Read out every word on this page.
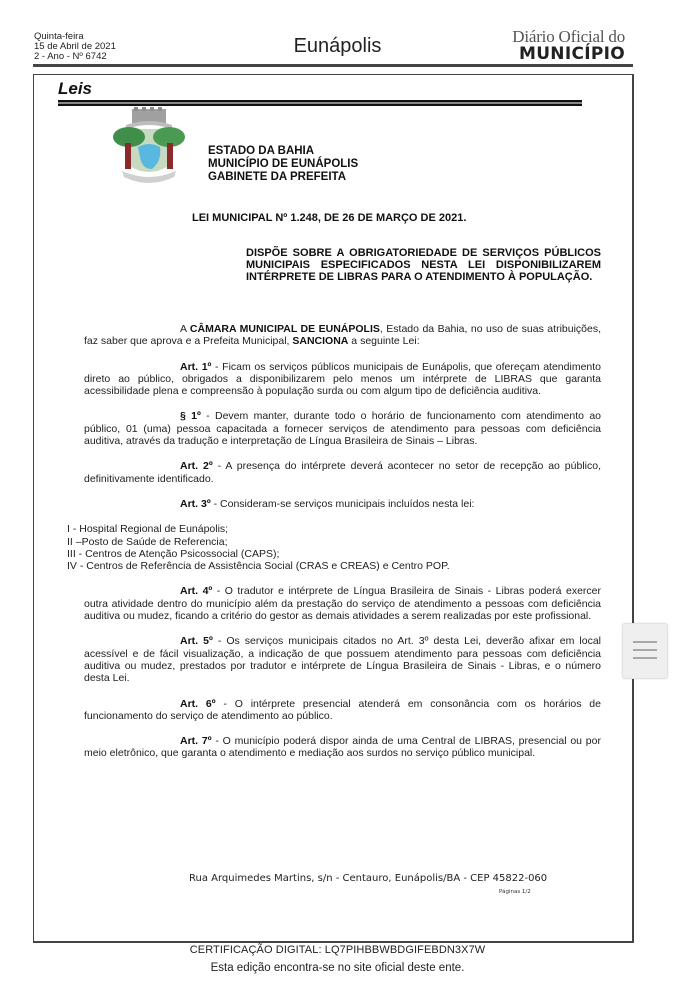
Quinta-feira
15 de Abril de 2021
2 - Ano - Nº 6742	Eunápolis	Diário Oficial do
MUNICÍPIO
Leis
ESTADO DA BAHIA
MUNICÍPIO DE EUNÁPOLIS
GABINETE DA PREFEITA
LEI MUNICIPAL Nº 1.248, DE 26 DE MARÇO DE 2021.
DISPÕE SOBRE A OBRIGATORIEDADE DE SERVIÇOS PÚBLICOS MUNICIPAIS ESPECIFICADOS NESTA LEI DISPONIBILIZAREM INTÉRPRETE DE LIBRAS PARA O ATENDIMENTO À POPULAÇÃO.

A CÂMARA MUNICIPAL DE EUNÁPOLIS, Estado da Bahia, no uso de suas atribuições, faz saber que aprova e a Prefeita Municipal, SANCIONA a seguinte Lei:

Art. 1º - Ficam os serviços públicos municipais de Eunápolis, que ofereçam atendimento direto ao público, obrigados a disponibilizarem pelo menos um intérprete de LIBRAS que garanta acessibilidade plena e compreensão à população surda ou com algum tipo de deficiência auditiva.

§ 1º - Devem manter, durante todo o horário de funcionamento com atendimento ao público, 01 (uma) pessoa capacitada a fornecer serviços de atendimento para pessoas com deficiência auditiva, através da tradução e interpretação de Língua Brasileira de Sinais – Libras.

Art. 2º - A presença do intérprete deverá acontecer no setor de recepção ao público, definitivamente identificado.

Art. 3º - Consideram-se serviços municipais incluídos nesta lei:

I - Hospital Regional de Eunápolis;

II –Posto de Saúde de Referencia;

III - Centros de Atenção Psicossocial (CAPS);

IV - Centros de Referência de Assistência Social (CRAS e CREAS) e Centro POP.

Art. 4º - O tradutor e intérprete de Língua Brasileira de Sinais - Libras poderá exercer outra atividade dentro do município além da prestação do serviço de atendimento a pessoas com deficiência auditiva ou mudez, ficando a critério do gestor as demais atividades a serem realizadas por este profissional.

Art. 5º - Os serviços municipais citados no Art. 3º desta Lei, deverão afixar em local acessível e de fácil visualização, a indicação de que possuem atendimento para pessoas com deficiência auditiva ou mudez, prestados por tradutor e intérprete de Língua Brasileira de Sinais - Libras, e o número desta Lei.

Art. 6º - O intérprete presencial atenderá em consonância com os horários de funcionamento do serviço de atendimento ao público.

Art. 7º - O município poderá dispor ainda de uma Central de LIBRAS, presencial ou por meio eletrônico, que garanta o atendimento e mediação aos surdos no serviço público municipal.

Rua Arquimedes Martins, s/n - Centauro, Eunápolis/BA - CEP 45822-060
Páginas 1/2
CERTIFICAÇÃO DIGITAL: LQ7PIHBBWBDGIFEBDN3X7W
Esta edição encontra-se no site oficial deste ente.
